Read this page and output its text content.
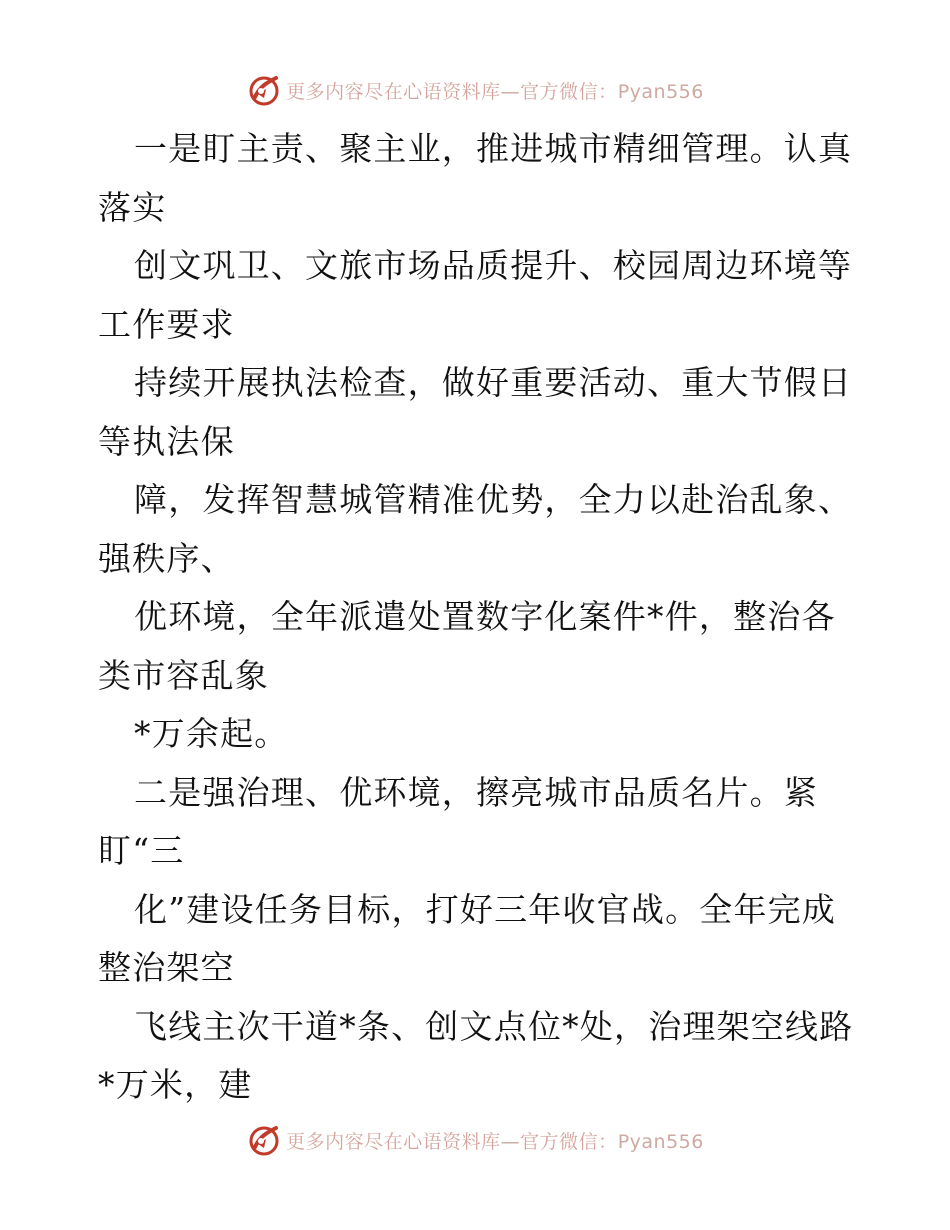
更多内容尽在心语资料库—官方微信：Pyan556
一是盯主责、聚主业，推进城市精细管理。认真
落实
创文巩卫、文旅市场品质提升、校园周边环境等
工作要求
持续开展执法检查，做好重要活动、重大节假日
等执法保
障，发挥智慧城管精准优势，全力以赴治乱象、
强秩序、
优环境，全年派遣处置数字化案件*件，整治各
类市容乱象
*万余起。
二是强治理、优环境，擦亮城市品质名片。紧
盯“三
化”建设任务目标，打好三年收官战。全年完成
整治架空
飞线主次干道*条、创文点位*处，治理架空线路
*万米，建
更多内容尽在心语资料库—官方微信：Pyan556
